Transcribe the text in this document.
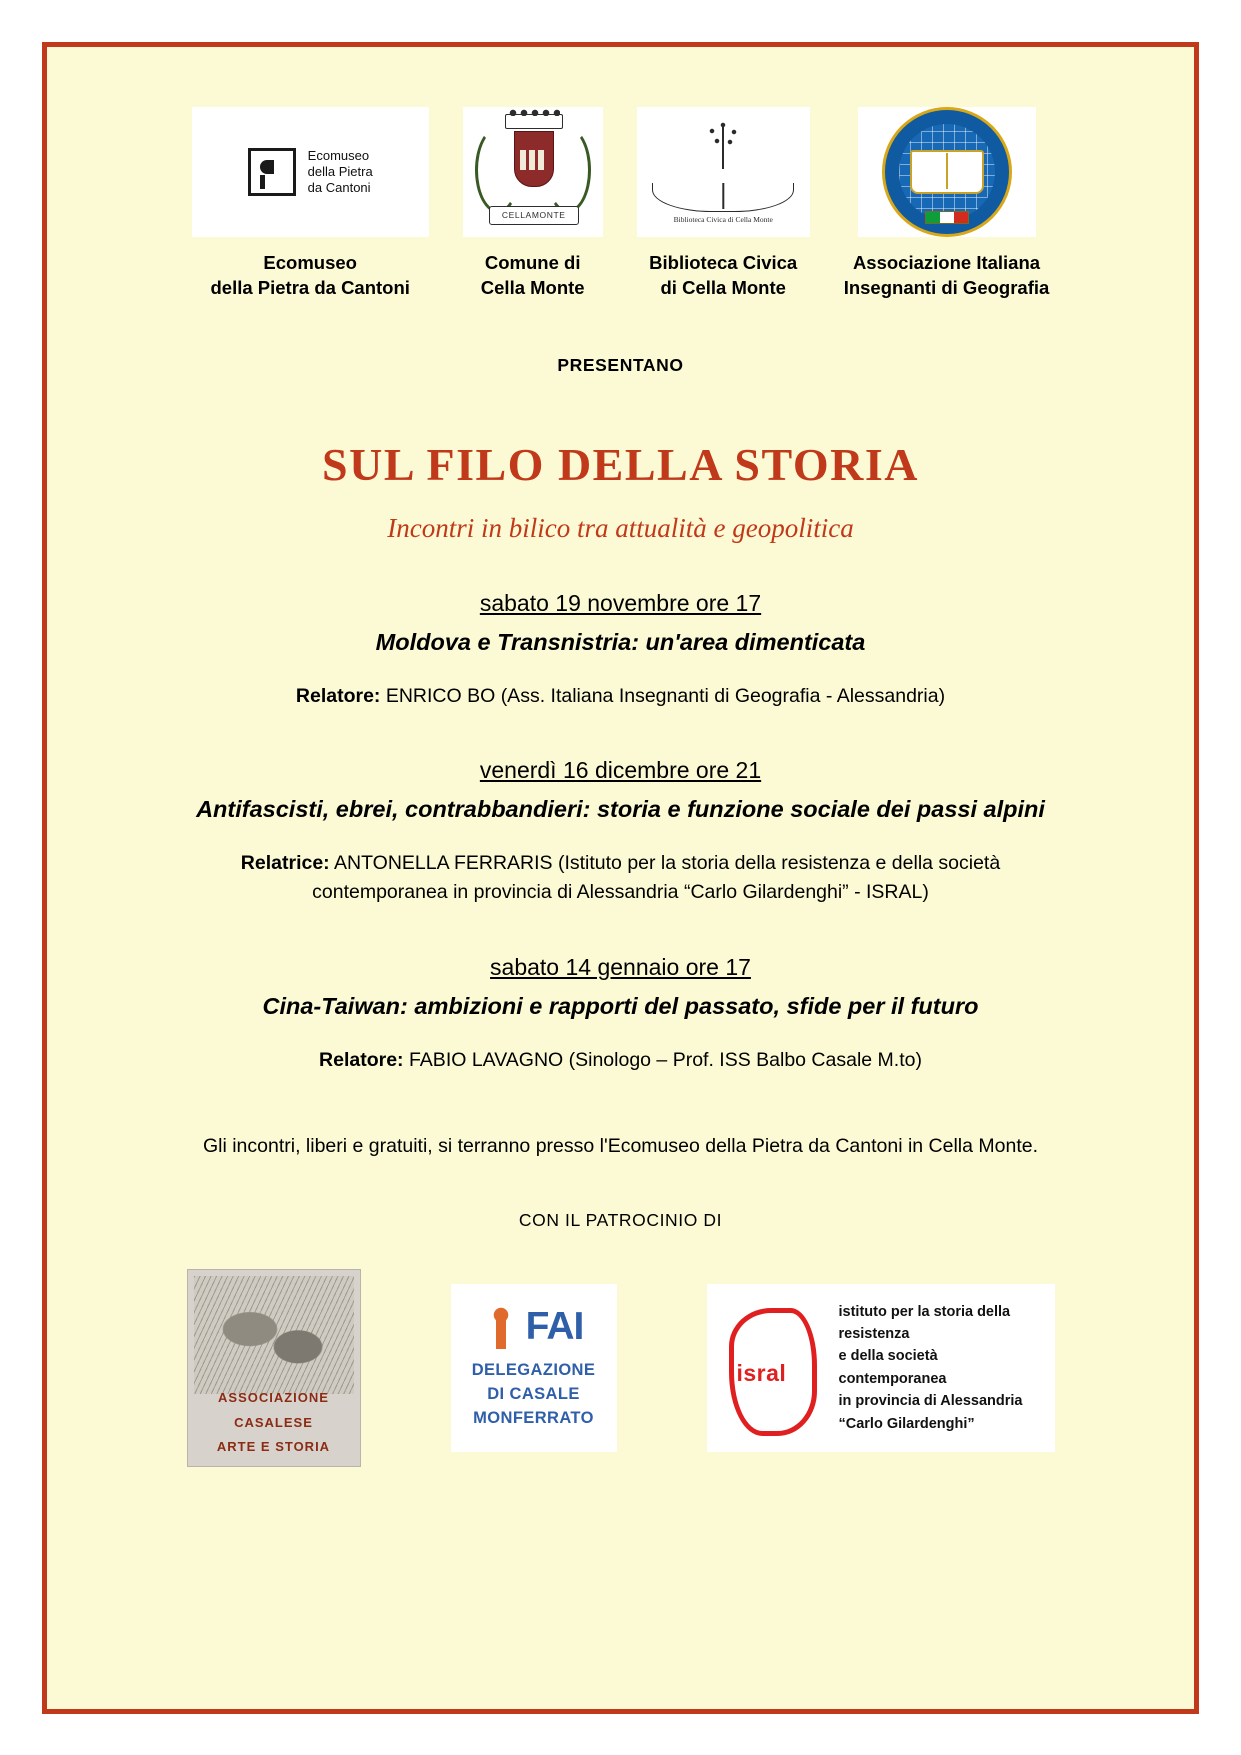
Ecomuseo
della Pietra
da Cantoni
Ecomuseo
della Pietra da Cantoni
CELLAMONTE
Comune di
Cella Monte
Biblioteca Civica di Cella Monte
Biblioteca Civica
di Cella Monte
Associazione Italiana
Insegnanti di Geografia
PRESENTANO
SUL FILO DELLA STORIA
Incontri in bilico tra attualità e geopolitica
sabato 19 novembre ore 17
Moldova e Transnistria: un'area dimenticata
Relatore: ENRICO BO (Ass. Italiana Insegnanti di Geografia - Alessandria)
venerdì 16 dicembre ore 21
Antifascisti, ebrei, contrabbandieri: storia e funzione sociale dei passi alpini
Relatrice: ANTONELLA FERRARIS (Istituto per la storia della resistenza e della società contemporanea in provincia di Alessandria “Carlo Gilardenghi” - ISRAL)
sabato 14 gennaio ore 17
Cina-Taiwan: ambizioni e rapporti del passato, sfide per il futuro
Relatore: FABIO LAVAGNO (Sinologo – Prof. ISS Balbo Casale M.to)
Gli incontri, liberi e gratuiti, si terranno presso l'Ecomuseo della Pietra da Cantoni in Cella Monte.
CON IL PATROCINIO DI
ASSOCIAZIONE
CASALESE
ARTE E STORIA
FAI
DELEGAZIONE
DI CASALE
MONFERRATO
isral
istituto per la storia della resistenza
e della società contemporanea
in provincia di Alessandria
“Carlo Gilardenghi”
